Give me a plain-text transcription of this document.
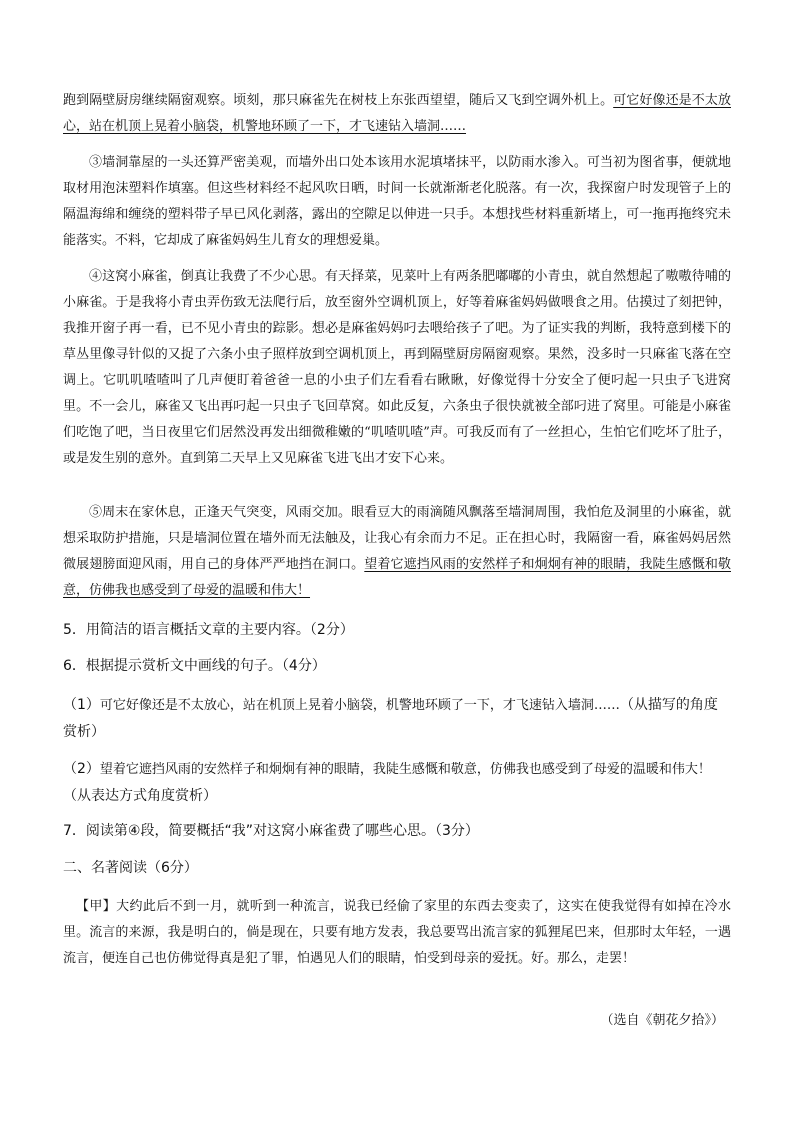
跑到隔壁厨房继续隔窗观察。顷刻，那只麻雀先在树枝上东张西望望，随后又飞到空调外机上。可它好像还是不太放心，站在机顶上晃着小脑袋，机警地环顾了一下，才飞速钻入墙洞……
③墙洞靠屋的一头还算严密美观，而墙外出口处本该用水泥填堵抹平，以防雨水渗入。可当初为图省事，便就地取材用泡沫塑料作填塞。但这些材料经不起风吹日晒，时间一长就渐渐老化脱落。有一次，我探窗户时发现管子上的隔温海绵和缠绕的塑料带子早已风化剥落，露出的空隙足以伸进一只手。本想找些材料重新堵上，可一拖再拖终究未能落实。不料，它却成了麻雀妈妈生儿育女的理想爱巢。
④这窝小麻雀，倒真让我费了不少心思。有天择菜，见菜叶上有两条肥嘟嘟的小青虫，就自然想起了嗷嗷待哺的小麻雀。于是我将小青虫弄伤致无法爬行后，放至窗外空调机顶上，好等着麻雀妈妈做喂食之用。估摸过了刻把钟，我推开窗子再一看，已不见小青虫的踪影。想必是麻雀妈妈叼去喂给孩子了吧。为了证实我的判断，我特意到楼下的草丛里像寻针似的又捉了六条小虫子照样放到空调机顶上，再到隔壁厨房隔窗观察。果然，没多时一只麻雀飞落在空调上。它叽叽喳喳叫了几声便盯着爸爸一息的小虫子们左看看右瞅瞅，好像觉得十分安全了便叼起一只虫子飞进窝里。不一会儿，麻雀又飞出再叼起一只虫子飞回草窝。如此反复，六条虫子很快就被全部叼进了窝里。可能是小麻雀们吃饱了吧，当日夜里它们居然没再发出细微稚嫩的“叽喳叽喳”声。可我反而有了一丝担心，生怕它们吃坏了肚子，或是发生别的意外。直到第二天早上又见麻雀飞进飞出才安下心来。
⑤周末在家休息，正逢天气突变，风雨交加。眼看豆大的雨滴随风飘落至墙洞周围，我怕危及洞里的小麻雀，就想采取防护措施，只是墙洞位置在墙外而无法触及，让我心有余而力不足。正在担心时，我隔窗一看，麻雀妈妈居然微展翅膀面迎风雨，用自己的身体严严地挡在洞口。望着它遮挡风雨的安然样子和炯炯有神的眼睛，我陡生感慨和敬意，仿佛我也感受到了母爱的温暖和伟大！
5．用简洁的语言概括文章的主要内容。（2分）
6．根据提示赏析文中画线的句子。（4分）
（1）可它好像还是不太放心，站在机顶上晃着小脑袋，机警地环顾了一下，才飞速钻入墙洞……（从描写的角度赏析）
（2）望着它遮挡风雨的安然样子和炯炯有神的眼睛，我陡生感慨和敬意，仿佛我也感受到了母爱的温暖和伟大！（从表达方式角度赏析）
7．阅读第④段，简要概括“我”对这窝小麻雀费了哪些心思。（3分）
二、名著阅读（6分）
【甲】大约此后不到一月，就听到一种流言，说我已经偷了家里的东西去变卖了，这实在使我觉得有如掉在冷水里。流言的来源，我是明白的，倘是现在，只要有地方发表，我总要骂出流言家的狐狸尾巴来，但那时太年轻，一遇流言，便连自己也仿佛觉得真是犯了罪，怕遇见人们的眼睛，怕受到母亲的爱抚。好。那么，走罢！
（选自《朝花夕拾》）
